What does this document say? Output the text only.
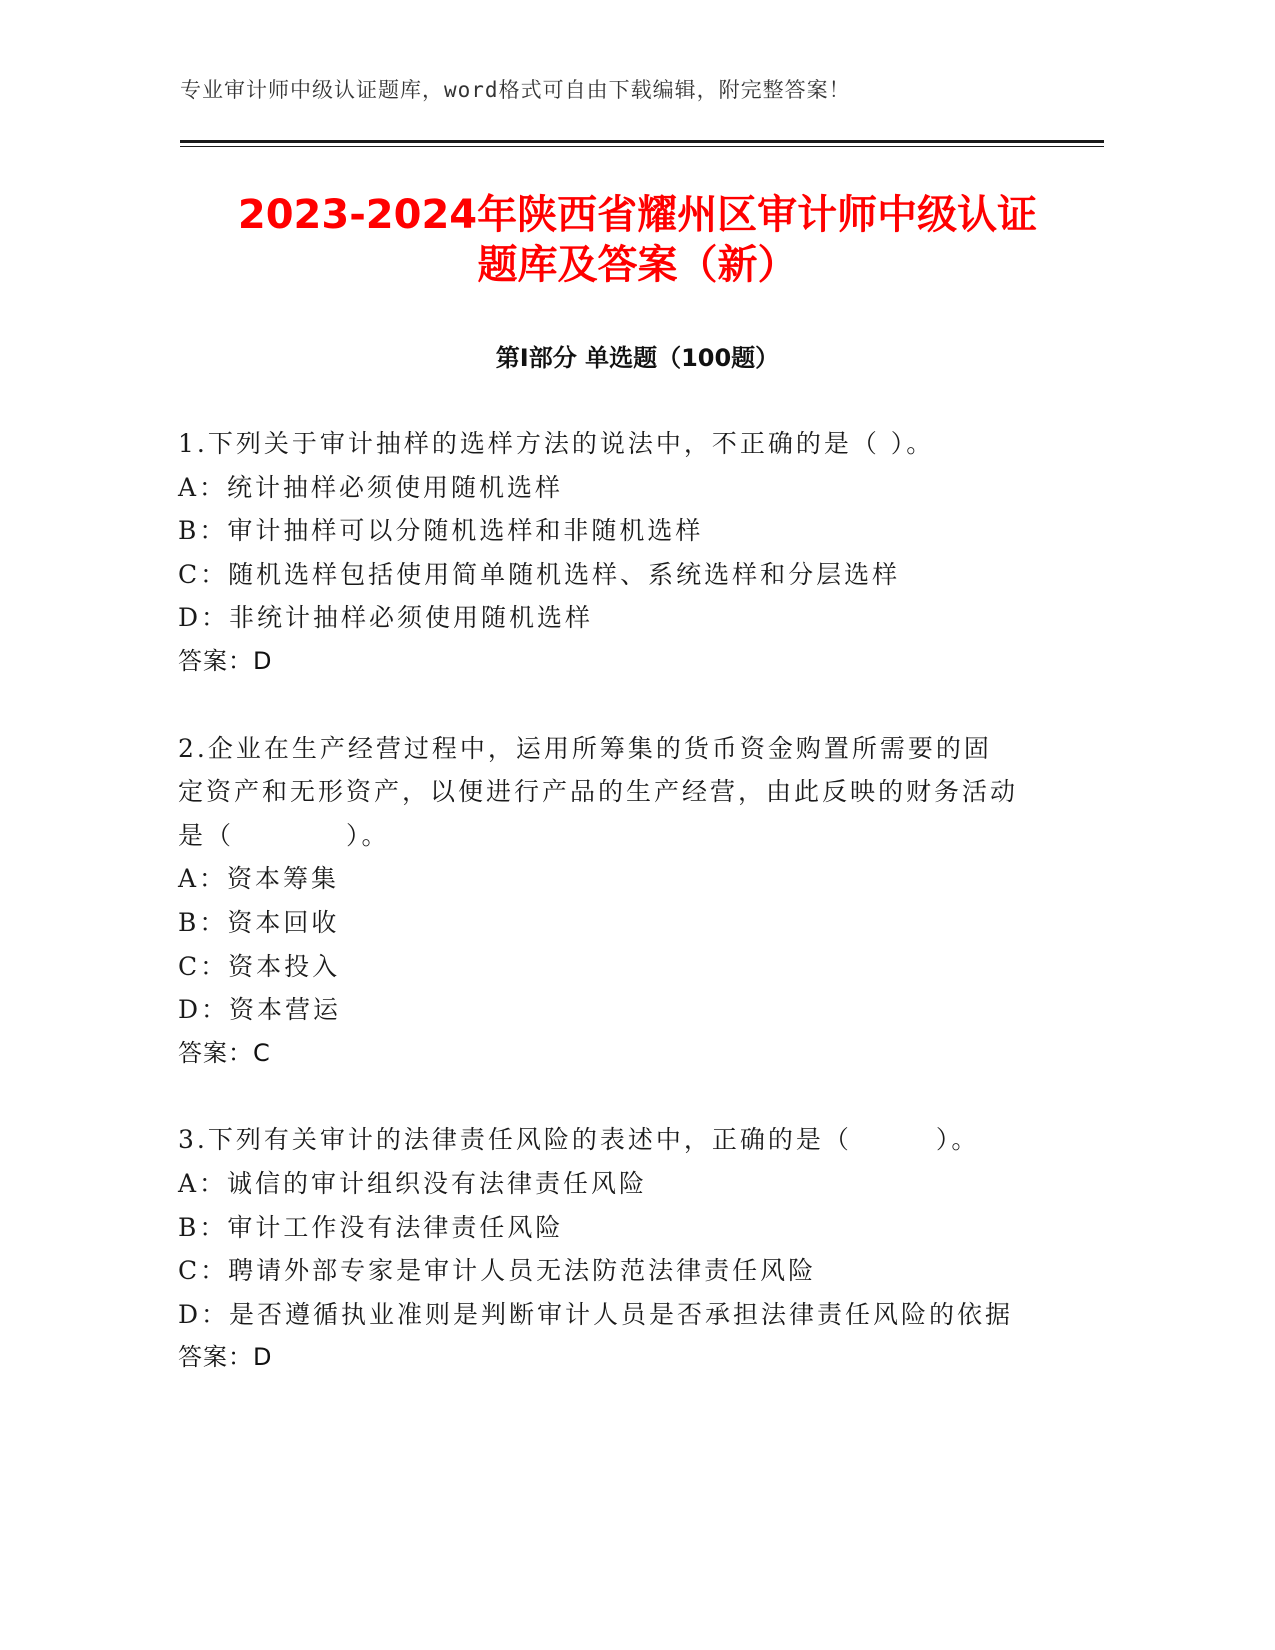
专业审计师中级认证题库，word格式可自由下载编辑，附完整答案！
2023-2024年陕西省耀州区审计师中级认证
题库及答案（新）
第Ⅰ部分 单选题（100题）
1.下列关于审计抽样的选样方法的说法中，不正确的是（ ）。
A：统计抽样必须使用随机选样
B：审计抽样可以分随机选样和非随机选样
C：随机选样包括使用简单随机选样、系统选样和分层选样
D：非统计抽样必须使用随机选样
答案：D
2.企业在生产经营过程中，运用所筹集的货币资金购置所需要的固定资产和无形资产，以便进行产品的生产经营，由此反映的财务活动是（　　　　）。
A：资本筹集
B：资本回收
C：资本投入
D：资本营运
答案：C
3.下列有关审计的法律责任风险的表述中，正确的是（　　　）。
A：诚信的审计组织没有法律责任风险
B：审计工作没有法律责任风险
C：聘请外部专家是审计人员无法防范法律责任风险
D：是否遵循执业准则是判断审计人员是否承担法律责任风险的依据
答案：D
